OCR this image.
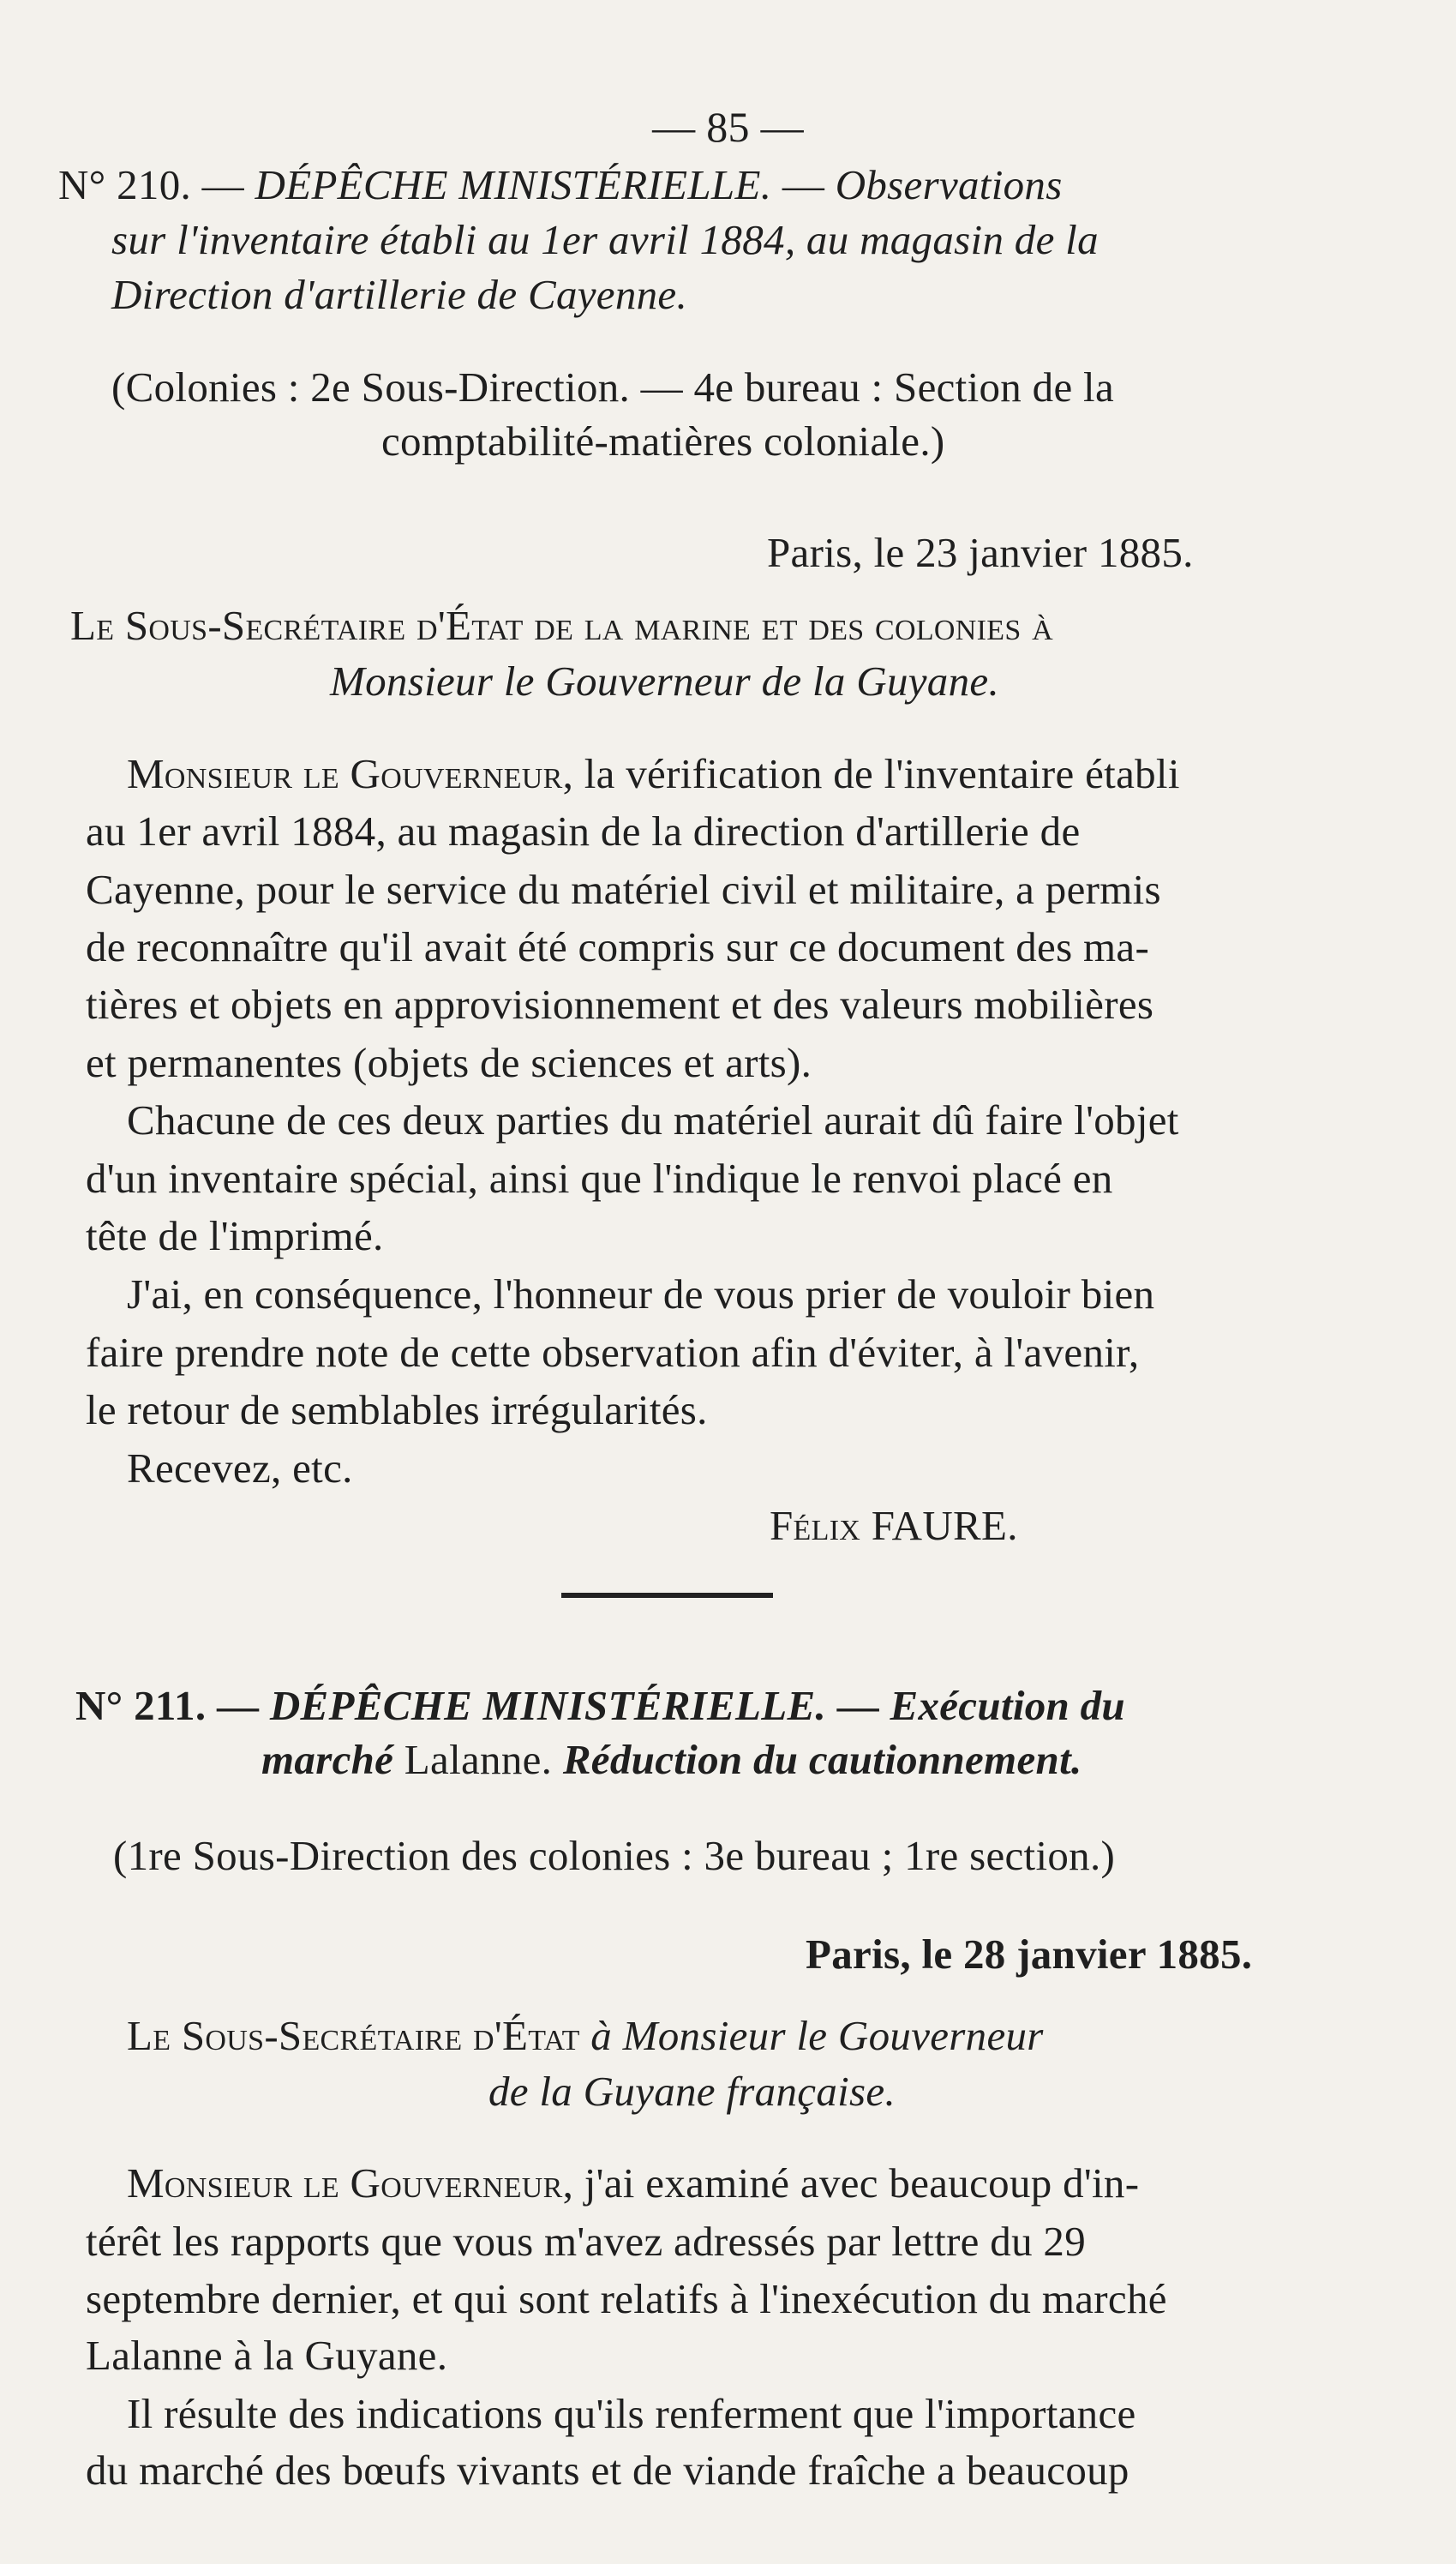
— 85 —
N° 210. — DÉPÊCHE MINISTÉRIELLE. — Observations
sur l'inventaire établi au 1er avril 1884, au magasin de la
Direction d'artillerie de Cayenne.
(Colonies : 2e Sous-Direction. — 4e bureau : Section de la
comptabilité-matières coloniale.)
Paris, le 23 janvier 1885.
Le Sous-Secrétaire d'État de la marine et des colonies à
Monsieur le Gouverneur de la Guyane.
Monsieur le Gouverneur, la vérification de l'inventaire établi
au 1er avril 1884, au magasin de la direction d'artillerie de
Cayenne, pour le service du matériel civil et militaire, a permis
de reconnaître qu'il avait été compris sur ce document des ma-
tières et objets en approvisionnement et des valeurs mobilières
et permanentes (objets de sciences et arts).
Chacune de ces deux parties du matériel aurait dû faire l'objet
d'un inventaire spécial, ainsi que l'indique le renvoi placé en
tête de l'imprimé.
J'ai, en conséquence, l'honneur de vous prier de vouloir bien
faire prendre note de cette observation afin d'éviter, à l'avenir,
le retour de semblables irrégularités.
Recevez, etc.
Félix FAURE.
N° 211. — DÉPÊCHE MINISTÉRIELLE. — Exécution du
marché Lalanne. Réduction du cautionnement.
(1re Sous-Direction des colonies : 3e bureau ; 1re section.)
Paris, le 28 janvier 1885.
Le Sous-Secrétaire d'État à Monsieur le Gouverneur
de la Guyane française.
Monsieur le Gouverneur, j'ai examiné avec beaucoup d'in-
térêt les rapports que vous m'avez adressés par lettre du 29
septembre dernier, et qui sont relatifs à l'inexécution du marché
Lalanne à la Guyane.
Il résulte des indications qu'ils renferment que l'importance
du marché des bœufs vivants et de viande fraîche a beaucoup
